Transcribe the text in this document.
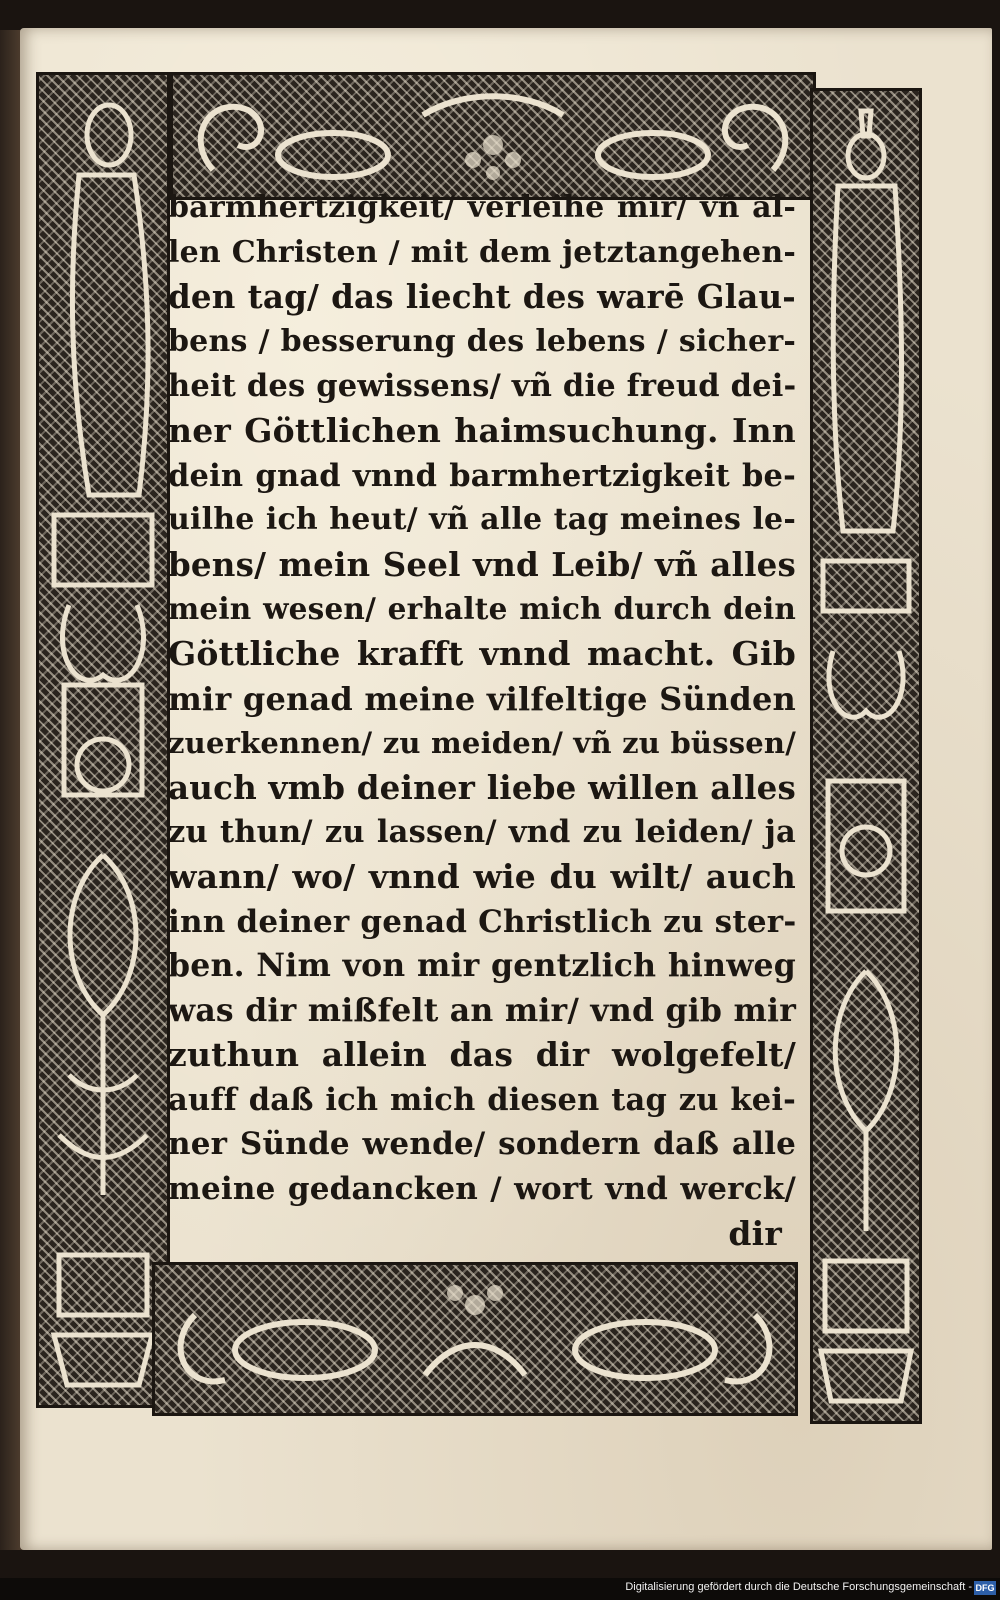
barmhertzigkeit/ verleihe mir/ vñ al-
len Christen / mit dem jetztangehen-
den tag/ das liecht des warē Glau-
bens / besserung des lebens / sicher-
heit des gewissens/ vñ die freud dei-
ner Göttlichen haimsuchung. Inn
dein gnad vnnd barmhertzigkeit be-
uilhe ich heut/ vñ alle tag meines le-
bens/ mein Seel vnd Leib/ vñ alles
mein wesen/ erhalte mich durch dein
Göttliche krafft vnnd macht. Gib
mir genad meine vilfeltige Sünden
zuerkennen/ zu meiden/ vñ zu büssen/
auch vmb deiner liebe willen alles
zu thun/ zu lassen/ vnd zu leiden/ ja
wann/ wo/ vnnd wie du wilt/ auch
inn deiner genad Christlich zu ster-
ben. Nim von mir gentzlich hinweg
was dir mißfelt an mir/ vnd gib mir
zuthun allein das dir wolgefelt/
auff daß ich mich diesen tag zu kei-
ner Sünde wende/ sondern daß alle
meine gedancken / wort vnd werck/
dir
Digitalisierung gefördert durch die Deutsche Forschungsgemeinschaft - DFG
